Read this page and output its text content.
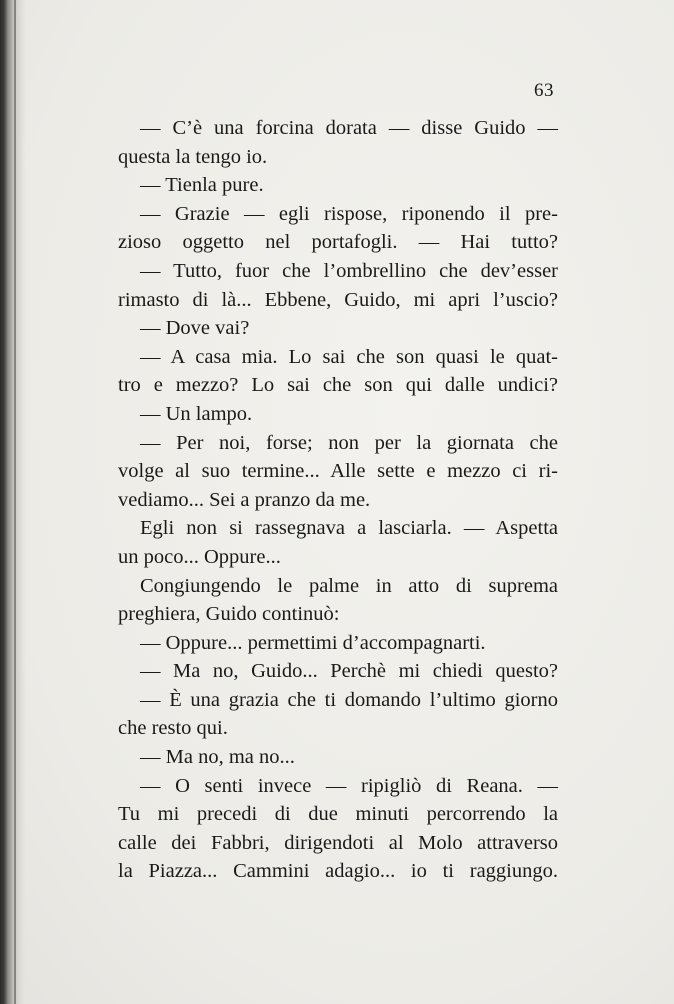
63
— C’è una forcina dorata — disse Guido —
questa la tengo io.
— Tienla pure.
— Grazie — egli rispose, riponendo il pre-
zioso oggetto nel portafogli. — Hai tutto?
— Tutto, fuor che l’ombrellino che dev’esser
rimasto di là... Ebbene, Guido, mi apri l’uscio?
— Dove vai?
— A casa mia. Lo sai che son quasi le quat-
tro e mezzo? Lo sai che son qui dalle undici?
— Un lampo.
— Per noi, forse; non per la giornata che
volge al suo termine... Alle sette e mezzo ci ri-
vediamo... Sei a pranzo da me.
Egli non si rassegnava a lasciarla. — Aspetta
un poco... Oppure...
Congiungendo le palme in atto di suprema
preghiera, Guido continuò:
— Oppure... permettimi d’accompagnarti.
— Ma no, Guido... Perchè mi chiedi questo?
— È una grazia che ti domando l’ultimo giorno
che resto qui.
— Ma no, ma no...
— O senti invece — ripigliò di Reana. —
Tu mi precedi di due minuti percorrendo la
calle dei Fabbri, dirigendoti al Molo attraverso
la Piazza... Cammini adagio... io ti raggiungo.
